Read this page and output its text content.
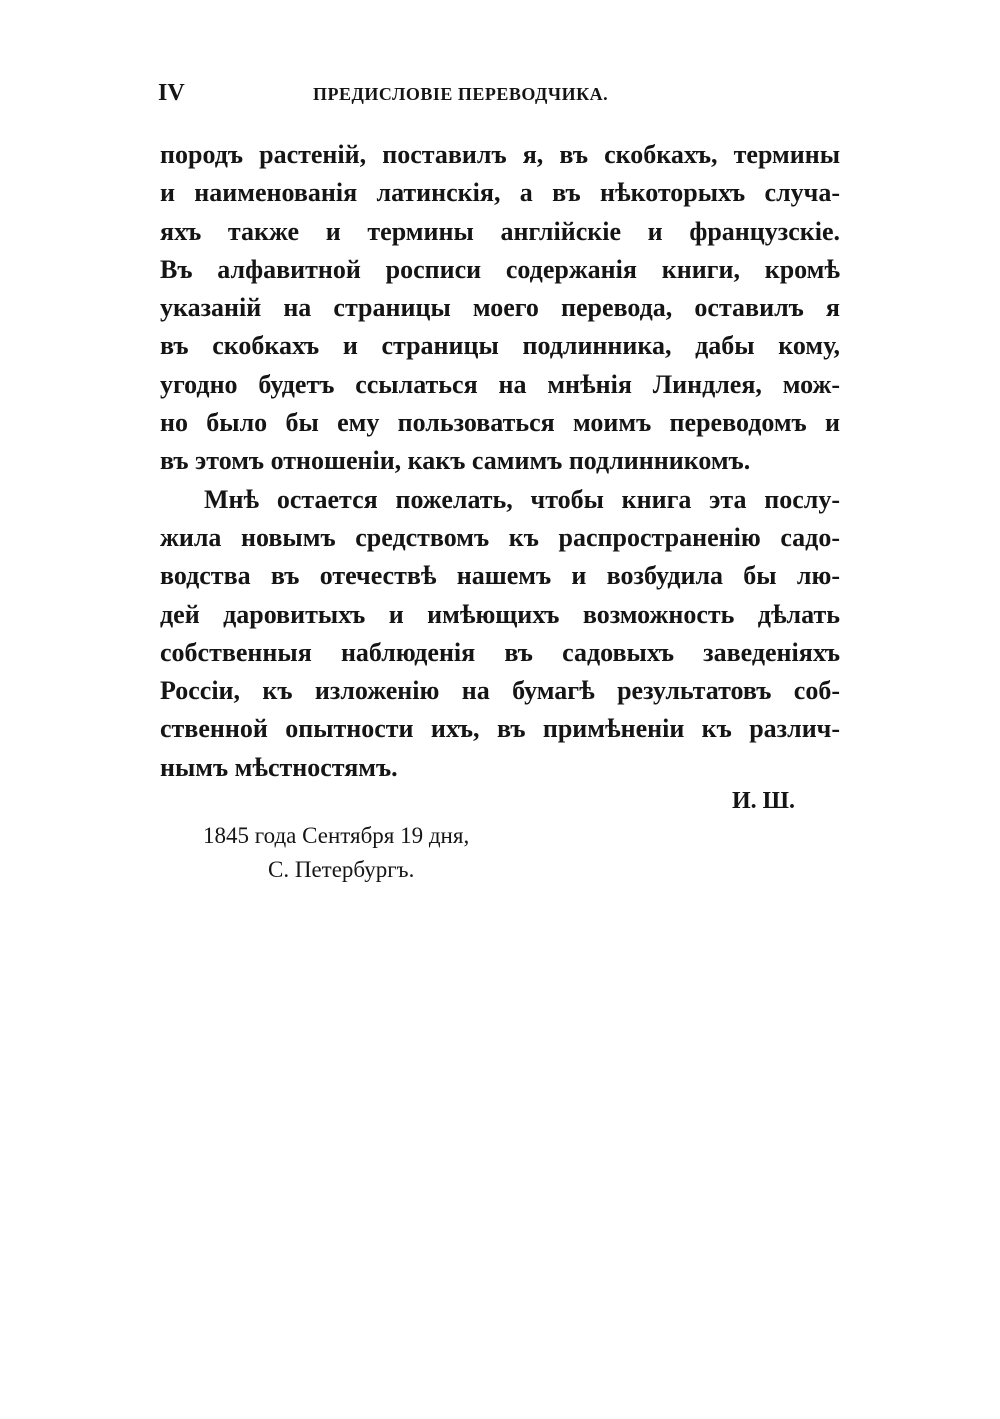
IV	ПРЕДИСЛОВІЕ ПЕРЕВОДЧИКА.
породъ растеній, поставилъ я, въ скобкахъ, термины
и наименованія латинскія, а въ нѣкоторыхъ случа-
яхъ также и термины англійскіе и французскіе.
Въ алфавитной росписи содержанія книги, кромѣ
указаній на страницы моего перевода, оставилъ я
въ скобкахъ и страницы подлинника, дабы кому,
угодно будетъ ссылаться на мнѣнія Линдлея, мож-
но было бы ему пользоваться моимъ переводомъ и
въ этомъ отношеніи, какъ самимъ подлинникомъ.
Мнѣ остается пожелать, чтобы книга эта послу-
жила новымъ средствомъ къ распространенію садо-
водства въ отечествѣ нашемъ и возбудила бы лю-
дей даровитыхъ и имѣющихъ возможность дѣлать
собственныя наблюденія въ садовыхъ заведеніяхъ
Россіи, къ изложенію на бумагѣ результатовъ соб-
ственной опытности ихъ, въ примѣненіи къ различ-
нымъ мѣстностямъ.
И. Ш.
1845 года Сентября 19 дня,
С. Петербургъ.
